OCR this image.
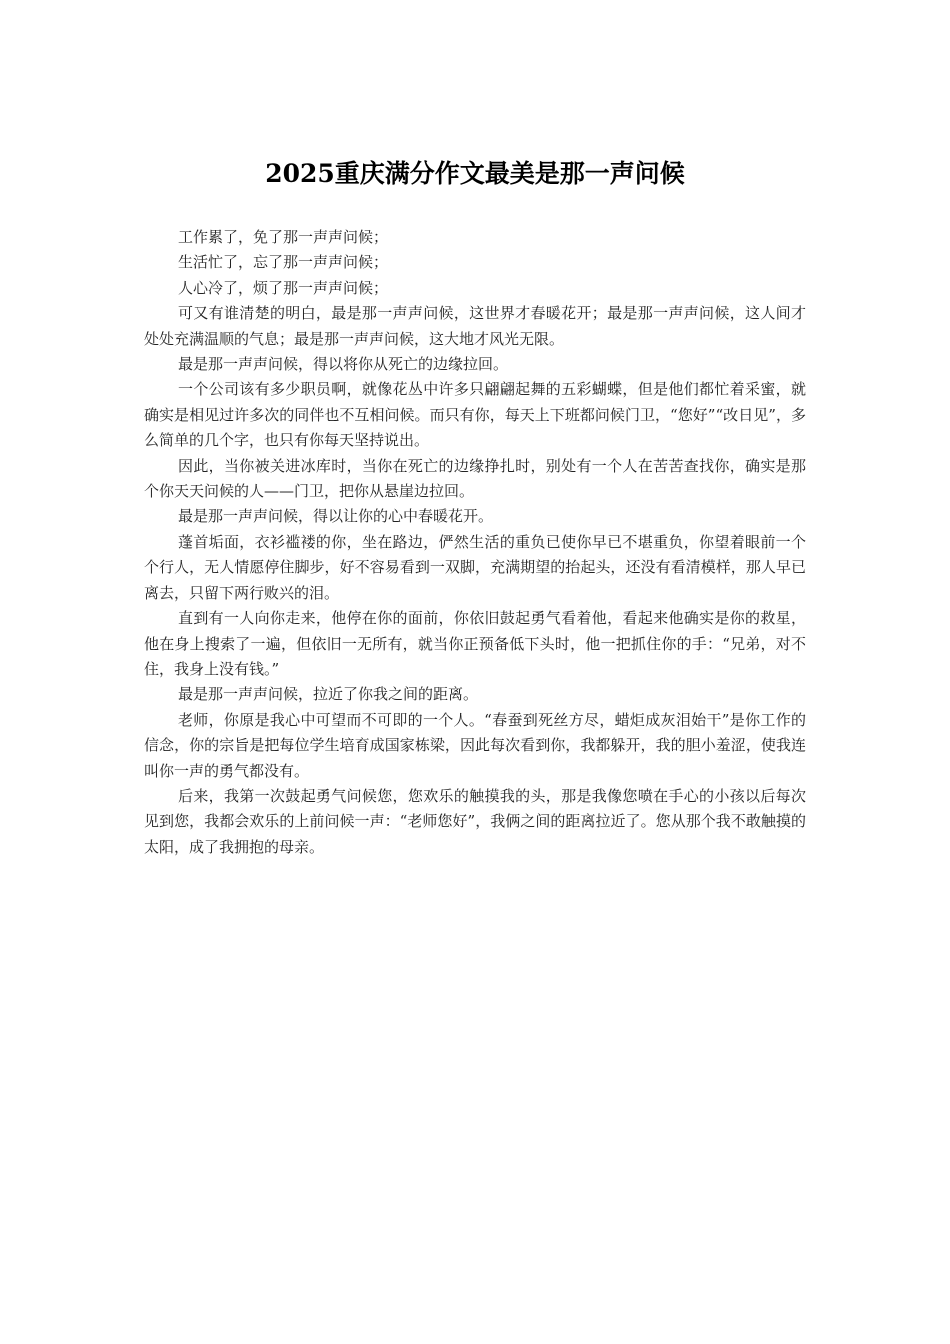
2025重庆满分作文最美是那一声问候

工作累了，免了那一声声问候；

生活忙了，忘了那一声声问候；

人心冷了，烦了那一声声问候；

可又有谁清楚的明白，最是那一声声问候，这世界才春暖花开；最是那一声声问候，这人间才处处充满温顺的气息；最是那一声声问候，这大地才风光无限。

最是那一声声问候，得以将你从死亡的边缘拉回。

一个公司该有多少职员啊，就像花丛中许多只翩翩起舞的五彩蝴蝶，但是他们都忙着采蜜，就确实是相见过许多次的同伴也不互相问候。而只有你，每天上下班都问候门卫，“您好”“改日见”，多么简单的几个字，也只有你每天坚持说出。

因此，当你被关进冰库时，当你在死亡的边缘挣扎时，别处有一个人在苦苦查找你，确实是那个你天天问候的人——门卫，把你从悬崖边拉回。

最是那一声声问候，得以让你的心中春暖花开。

蓬首垢面，衣衫褴褛的你，坐在路边，俨然生活的重负已使你早已不堪重负，你望着眼前一个个行人，无人情愿停住脚步，好不容易看到一双脚，充满期望的抬起头，还没有看清模样，那人早已离去，只留下两行败兴的泪。

直到有一人向你走来，他停在你的面前，你依旧鼓起勇气看着他，看起来他确实是你的救星，他在身上搜索了一遍，但依旧一无所有，就当你正预备低下头时，他一把抓住你的手：“兄弟，对不住，我身上没有钱。”

最是那一声声问候，拉近了你我之间的距离。

老师，你原是我心中可望而不可即的一个人。“春蚕到死丝方尽，蜡炬成灰泪始干”是你工作的信念，你的宗旨是把每位学生培育成国家栋梁，因此每次看到你，我都躲开，我的胆小羞涩，使我连叫你一声的勇气都没有。

后来，我第一次鼓起勇气问候您，您欢乐的触摸我的头，那是我像您喷在手心的小孩以后每次见到您，我都会欢乐的上前问候一声：“老师您好”，我俩之间的距离拉近了。您从那个我不敢触摸的太阳，成了我拥抱的母亲。
